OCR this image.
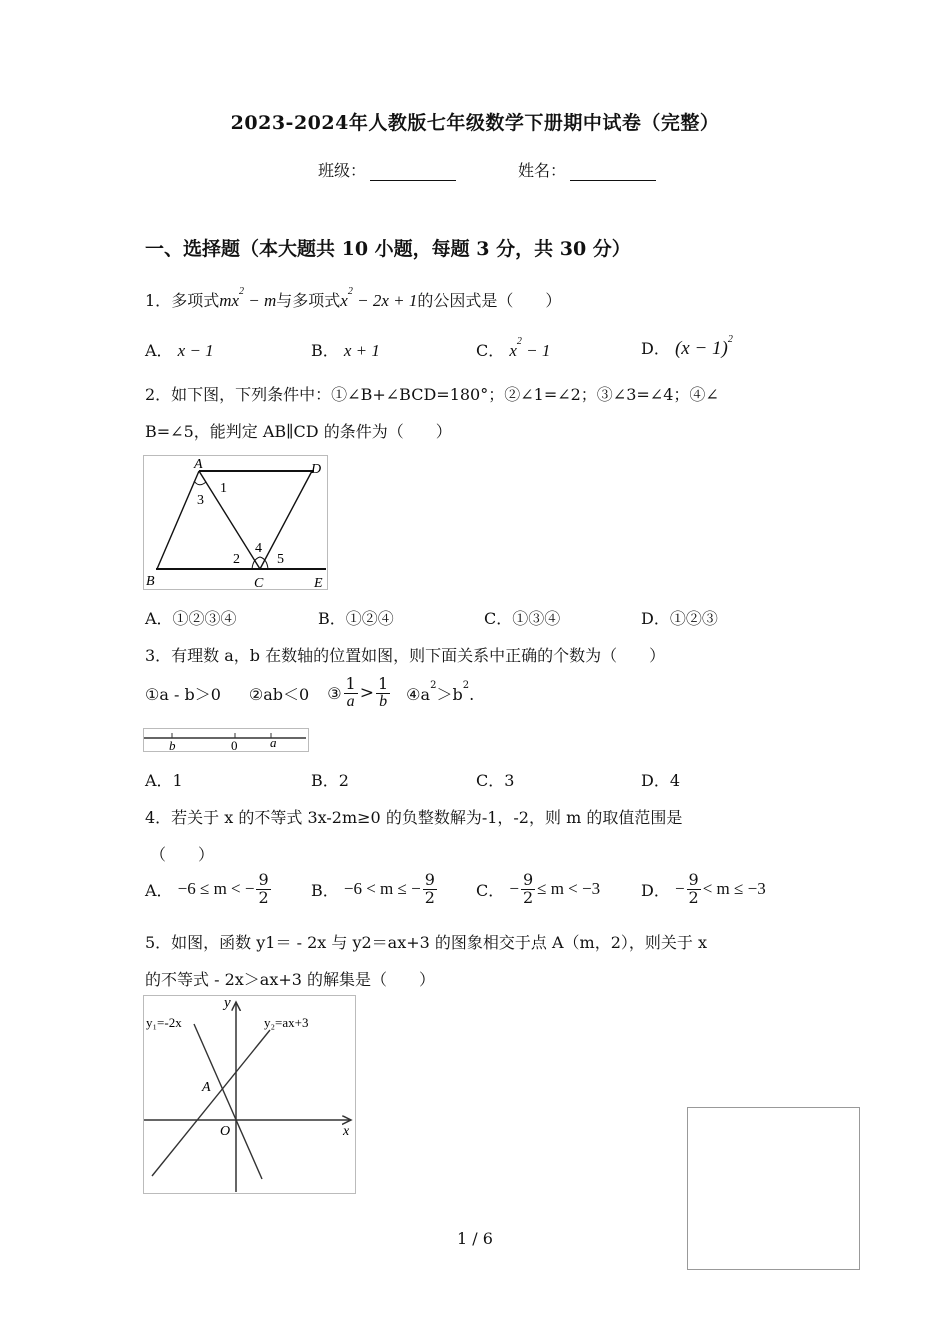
2023-2024年人教版七年级数学下册期中试卷（完整）
班级：	姓名：
一、选择题（本大题共 10 小题，每题 3 分，共 30 分）
1．多项式$mx^2 - m$与多项式$x^2 - 2x + 1$的公因式是（　　）
A． x − 1	B． x + 1	C． $x^2 - 1$	D． $(x - 1)^2$
2．如下图，下列条件中：①∠B+∠BCD=180°；②∠1=∠2；③∠3=∠4；④∠
B=∠5，能判定 AB∥CD 的条件为（　　）
A	D
1
3
2
4
5
B	C	E
A．①②③④	B．①②④	C．①③④	D．①②③
3．有理数 a，b 在数轴的位置如图，则下面关系中正确的个数为（　　）
①a - b＞0 ②ab＜0 ③ $\frac{1}{a} > \frac{1}{b}$ $④a^2>b^2$.
b	0	a
A．1	B．2	C．3	D．4
4．若关于 x 的不等式 3x-2m≥0 的负整数解为-1，-2，则 m 的取值范围是
（　　）
A．
−6 ≤ m < − $\frac{9}{2}$	B．
−6 < m ≤ − $\frac{9}{2}$ C．
− $\frac{9}{2} \le m < -3$	D．
− $\frac{9}{2} < m \le -3$
5．如图，函数 y1＝ - 2x 与 y2＝ax+3 的图象相交于点 A（m，2），则关于 x
的不等式 - 2x＞ax+3 的解集是（　　）
y
y₁=-2x	y₂=ax+3
A
O	x
1 / 6
